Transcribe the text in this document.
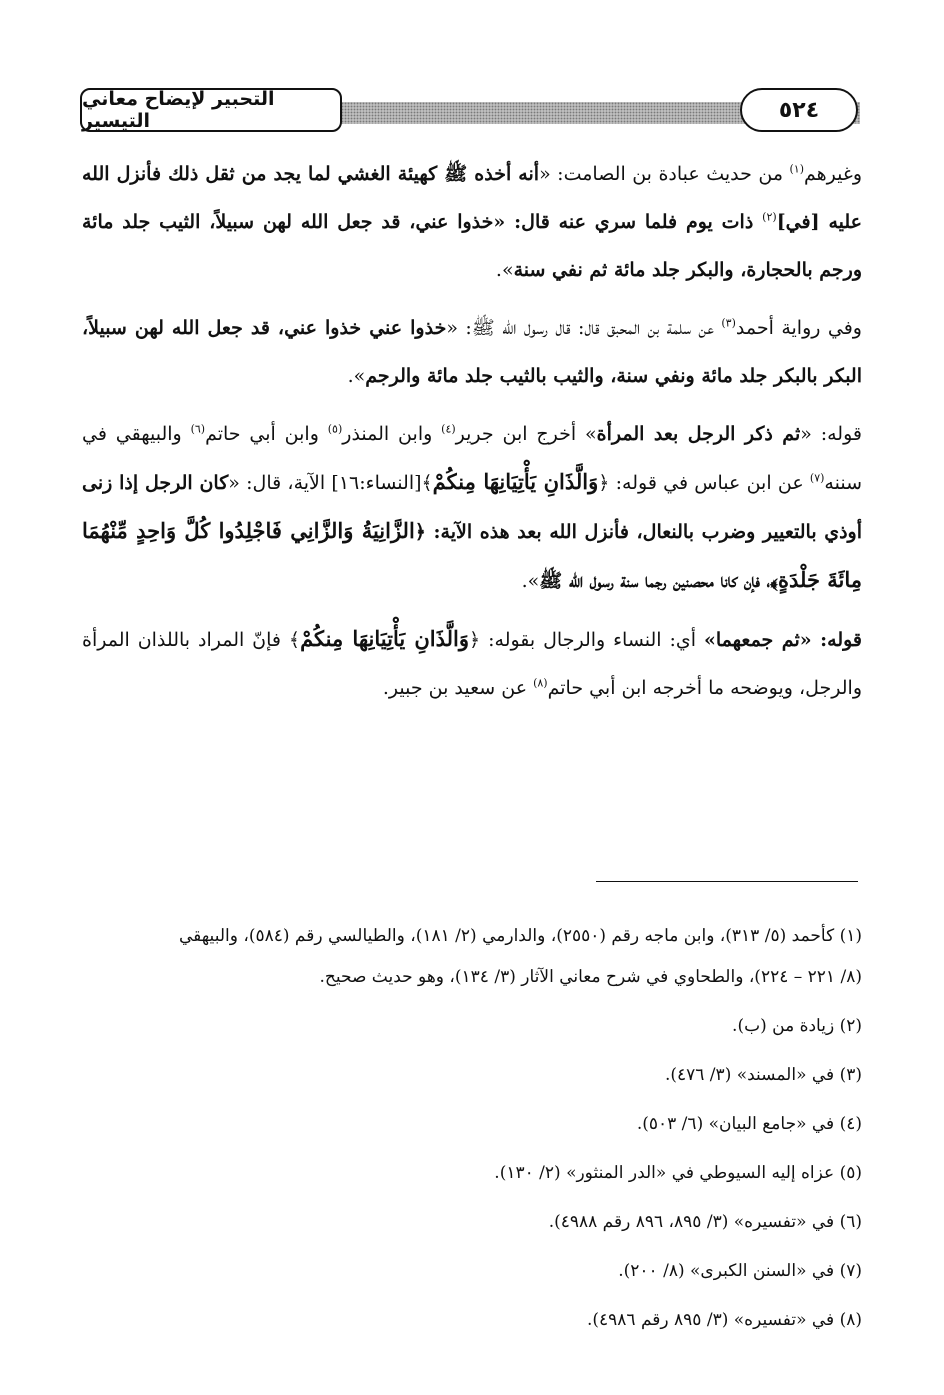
التحبير لإيضاح معاني التيسير	٥٢٤

وغيرهم$^{(١)}$ من حديث عبادة بن الصامت: «أنه أخذه ﷺ كهيئة الغشي لما يجد من ثقل ذلك فأنزل الله عليه [في]$^{(٢)}$ ذات يوم فلما سري عنه قال: «خذوا عني، قد جعل الله لهن سبيلاً، الثيب جلد مائة ورجم بالحجارة، والبكر جلد مائة ثم نفي سنة».

وفي رواية أحمد$^{(٣)}$ عن سلمة بن المحبق قال: قال رسول الله ﷺ: «خذوا عني خذوا عني، قد جعل الله لهن سبيلاً، البكر بالبكر جلد مائة ونفي سنة، والثيب بالثيب جلد مائة والرجم».

قوله: «ثم ذكر الرجل بعد المرأة» أخرج ابن جرير$^{(٤)}$ وابن المنذر$^{(٥)}$ وابن أبي حاتم$^{(٦)}$ والبيهقي في سننه$^{(٧)}$ عن ابن عباس في قوله: ﴿وَالَّذَانِ يَأْتِيَانِهَا مِنكُمْ﴾[النساء:١٦] الآية، قال: «كان الرجل إذا زنى أوذي بالتعيير وضرب بالنعال، فأنزل الله بعد هذه الآية: ﴿الزَّانِيَةُ وَالزَّانِي فَاجْلِدُوا كُلَّ وَاحِدٍ مِّنْهُمَا مِائَةَ جَلْدَةٍ﴾، فإن كانا محصنين رجما سنة رسول الله ﷺ».

قوله: «ثم جمعهما» أي: النساء والرجال بقوله: ﴿وَالَّذَانِ يَأْتِيَانِهَا مِنكُمْ﴾ فإنّ المراد باللذان المرأة والرجل، ويوضحه ما أخرجه ابن أبي حاتم$^{(٨)}$ عن سعيد بن جبير.

(١) كأحمد (٥/ ٣١٣)، وابن ماجه رقم (٢٥٥٠)، والدارمي (٢/ ١٨١)، والطيالسي رقم (٥٨٤)، والبيهقي

(٨/ ٢٢١ – ٢٢٤)، والطحاوي في شرح معاني الآثار (٣/ ١٣٤)، وهو حديث صحيح.

(٢) زيادة من (ب).

(٣) في «المسند» (٣/ ٤٧٦).

(٤) في «جامع البيان» (٦/ ٥٠٣).

(٥) عزاه إليه السيوطي في «الدر المنثور» (٢/ ١٣٠).

(٦) في «تفسيره» (٣/ ٨٩٥، ٨٩٦ رقم ٤٩٨٨).

(٧) في «السنن الكبرى» (٨/ ٢٠٠).

(٨) في «تفسيره» (٣/ ٨٩٥ رقم ٤٩٨٦).
